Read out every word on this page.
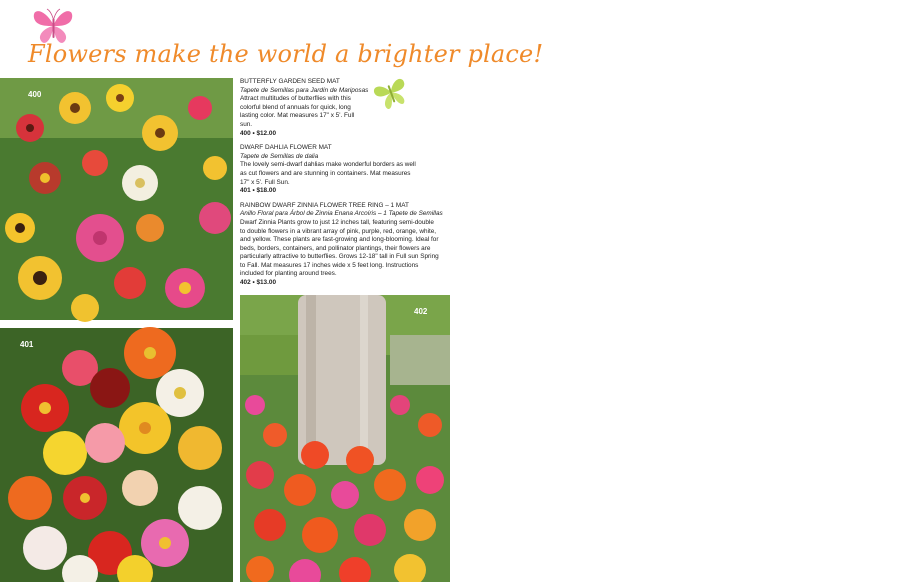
Flowers make the world a brighter place!
400
401
BUTTERFLY GARDEN SEED MAT
Tapete de Semillas para Jardín de Mariposas
Attract multitudes of butterflies with this colorful blend of annuals for quick, long lasting color. Mat measures 17" x 5'. Full sun.
400 • $12.00
DWARF DAHLIA FLOWER MAT
Tapete de Semillas de dalia
The lovely semi-dwarf dahlias make wonderful borders as well as cut flowers and are stunning in containers. Mat measures 17" x 5'. Full Sun.
401 • $18.00
RAINBOW DWARF ZINNIA FLOWER TREE RING – 1 MAT
Anillo Floral para Árbol de Zinnia Enana Arcoíris – 1 Tapete de Semillas
Dwarf Zinnia Plants grow to just 12 inches tall, featuring semi-double to double flowers in a vibrant array of pink, purple, red, orange, white, and yellow. These plants are fast-growing and long-blooming. Ideal for beds, borders, containers, and pollinator plantings, their flowers are particularly attractive to butterflies. Grows 12-18" tall in Full sun Spring to Fall. Mat measures 17 inches wide x 5 feet long. Instructions included for planting around trees.
402 • $13.00
402
